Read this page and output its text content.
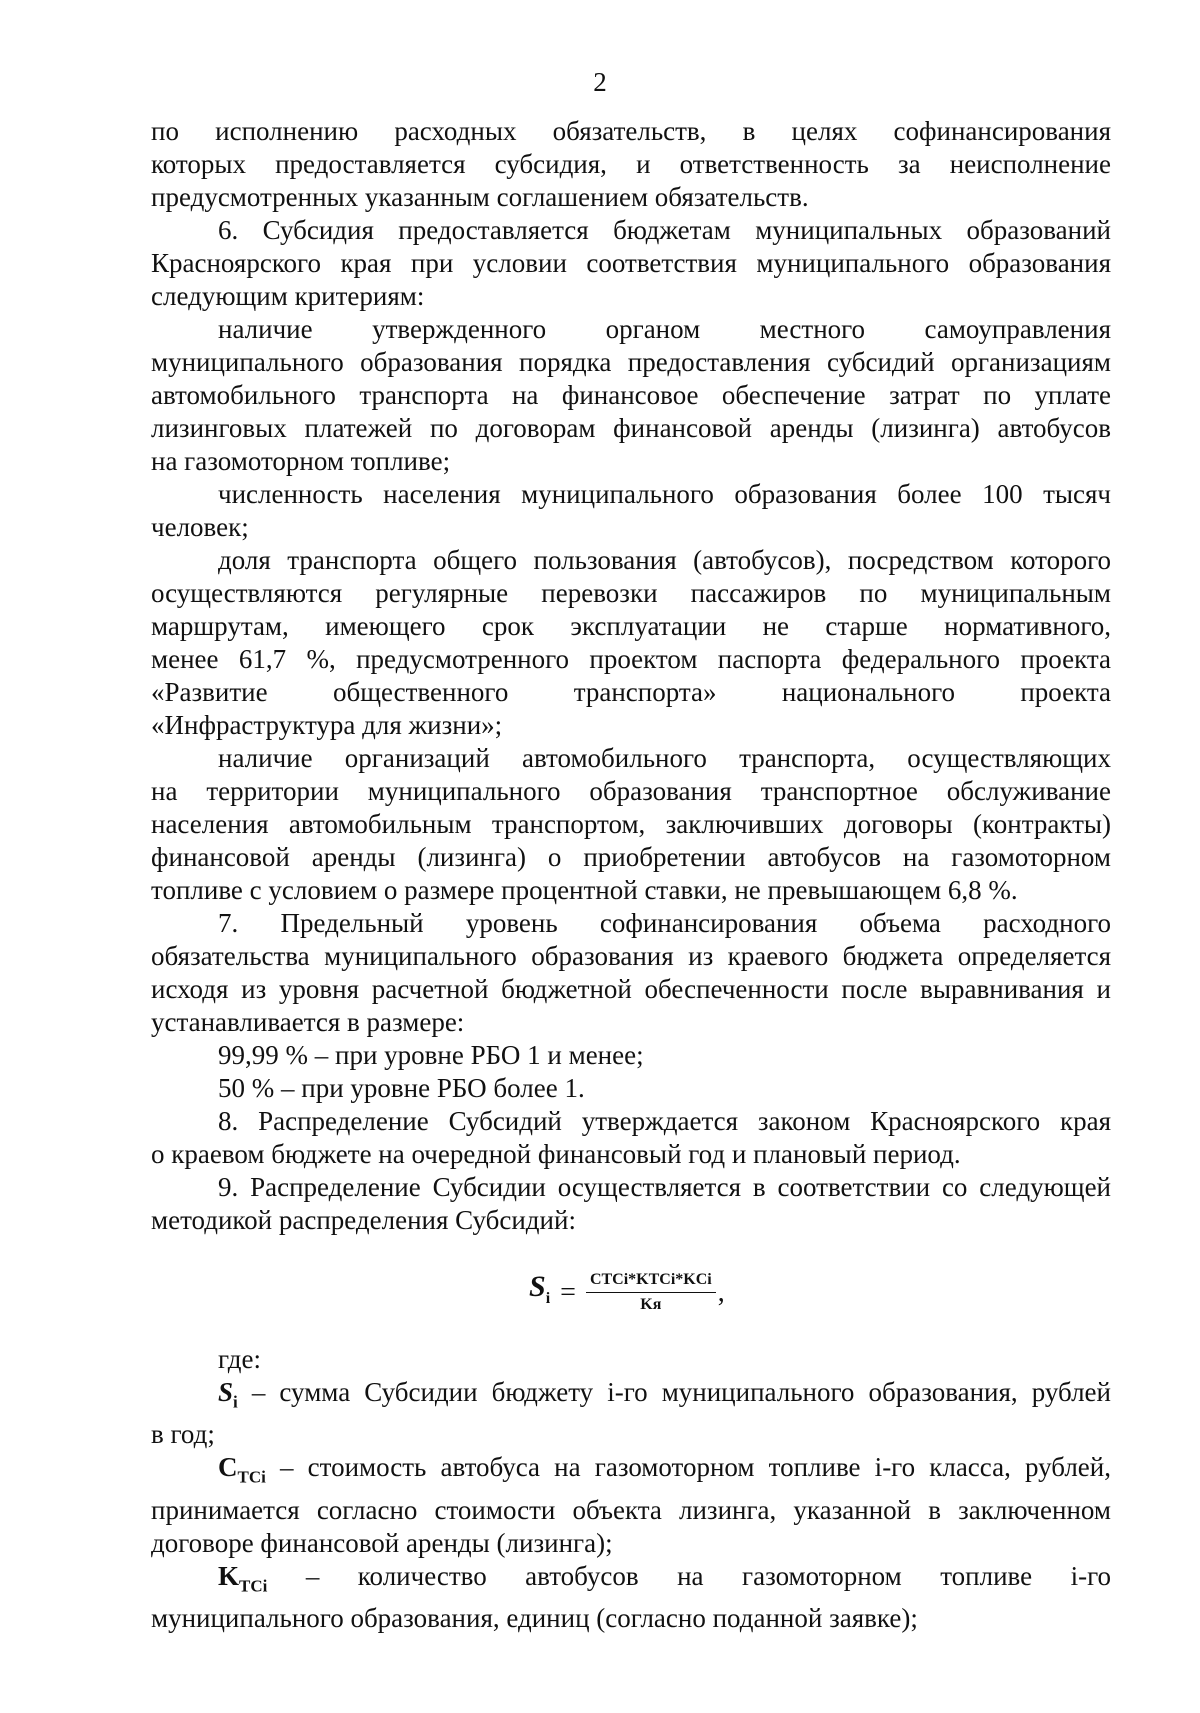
2
по исполнению расходных обязательств, в целях софинансирования
которых предоставляется субсидия, и ответственность за неисполнение
предусмотренных указанным соглашением обязательств.
6. Субсидия предоставляется бюджетам муниципальных образований
Красноярского края при условии соответствия муниципального образования
следующим критериям:
наличие утвержденного органом местного самоуправления
муниципального образования порядка предоставления субсидий организациям
автомобильного транспорта на финансовое обеспечение затрат по уплате
лизинговых платежей по договорам финансовой аренды (лизинга) автобусов
на газомоторном топливе;
численность населения муниципального образования более 100 тысяч
человек;
доля транспорта общего пользования (автобусов), посредством которого
осуществляются регулярные перевозки пассажиров по муниципальным
маршрутам, имеющего срок эксплуатации не старше нормативного,
менее 61,7 %, предусмотренного проектом паспорта федерального проекта
«Развитие общественного транспорта» национального проекта
«Инфраструктура для жизни»;
наличие организаций автомобильного транспорта, осуществляющих
на территории муниципального образования транспортное обслуживание
населения автомобильным транспортом, заключивших договоры (контракты)
финансовой аренды (лизинга) о приобретении автобусов на газомоторном
топливе с условием о размере процентной ставки, не превышающем 6,8 %.
7. Предельный уровень софинансирования объема расходного
обязательства муниципального образования из краевого бюджета определяется
исходя из уровня расчетной бюджетной обеспеченности после выравнивания и
устанавливается в размере:
99,99 % – при уровне РБО 1 и менее;
50 % – при уровне РБО более 1.
8. Распределение Субсидий утверждается законом Красноярского края
о краевом бюджете на очередной финансовый год и плановый период.
9. Распределение Субсидии осуществляется в соответствии со следующей
методикой распределения Субсидий:
$S_i = \frac{\text{CТСi*KТСi*KCi}}{Kя}$ ,
где:
$S_i$ – сумма Субсидии бюджету i-го муниципального образования, рублей
в год;
$C_{TCi}$ – стоимость автобуса на газомоторном топливе i-го класса, рублей,
принимается согласно стоимости объекта лизинга, указанной в заключенном
договоре финансовой аренды (лизинга);
$K_{TCi}$ – количество автобусов на газомоторном топливе i-го
муниципального образования, единиц (согласно поданной заявке);
